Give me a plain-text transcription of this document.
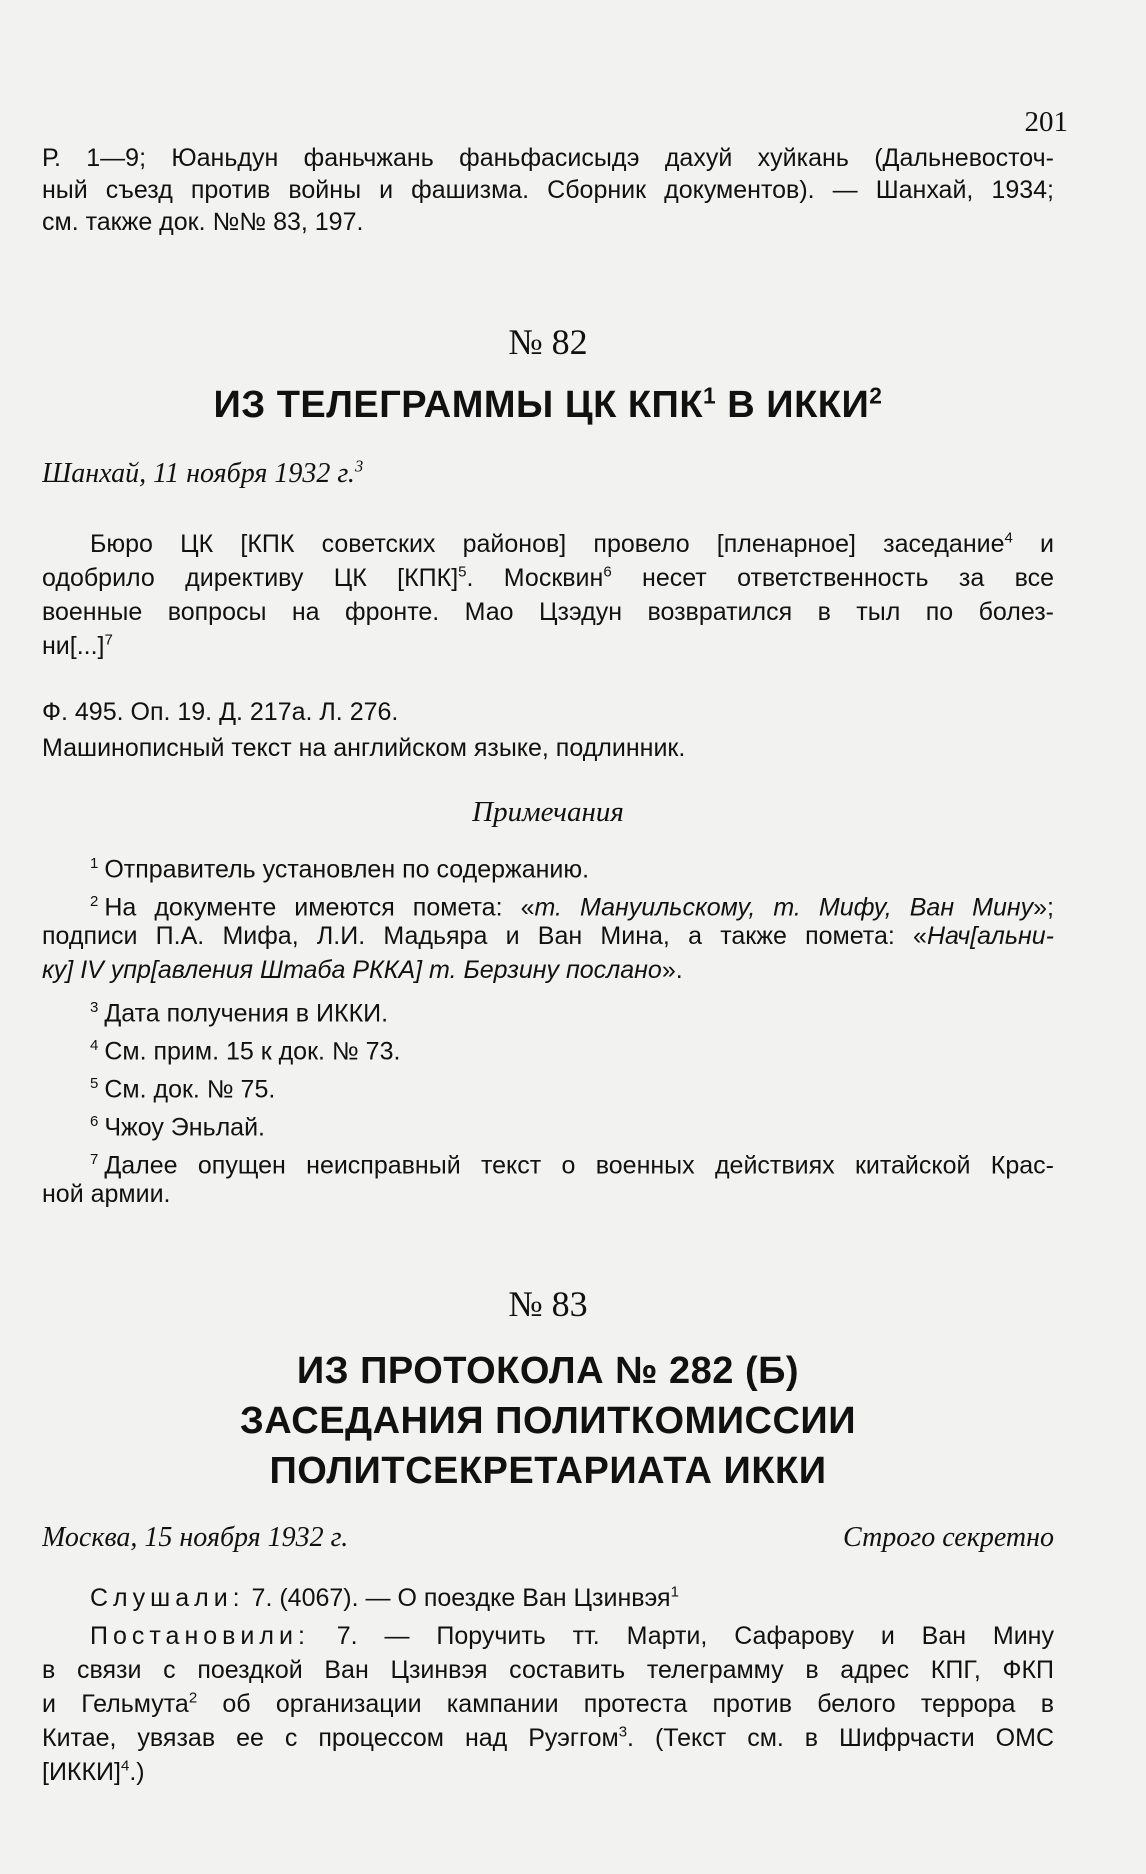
201
Р. 1—9; Юаньдун фаньчжань фаньфасисыдэ дахуй хуйкань (Дальневосточ-
ный съезд против войны и фашизма. Сборник документов). — Шанхай, 1934;
см. также док. №№ 83, 197.
№ 82
ИЗ ТЕЛЕГРАММЫ ЦК КПК$^1$ В ИККИ$^2$
Шанхай, 11 ноября 1932 г.$^3$
Бюро ЦК [КПК советских районов] провело [пленарное] заседание$^4$ и
одобрило директиву ЦК [КПК]$^5$. Москвин$^6$ несет ответственность за все
военные вопросы на фронте. Мао Цзэдун возвратился в тыл по болез-
ни[...]$^7$
Ф. 495. Оп. 19. Д. 217а. Л. 276.
Машинописный текст на английском языке, подлинник.
Примечания
$^1$ Отправитель установлен по содержанию.
$^2$ На документе имеются помета: «т. Мануильскому, т. Мифу, Ван Мину»;
подписи П.А. Мифа, Л.И. Мадьяра и Ван Мина, а также помета: «Нач[альни-
ку] IV упр[авления Штаба РККА] т. Берзину послано».
$^3$ Дата получения в ИККИ.
$^4$ См. прим. 15 к док. № 73.
$^5$ См. док. № 75.
$^6$ Чжоу Эньлай.
$^7$ Далее опущен неисправный текст о военных действиях китайской Крас-
ной армии.
№ 83
ИЗ ПРОТОКОЛА № 282 (Б)
ЗАСЕДАНИЯ ПОЛИТКОМИССИИ
ПОЛИТСЕКРЕТАРИАТА ИККИ
Москва, 15 ноября 1932 г.	Строго секретно
Слушали: 7. (4067). — О поездке Ван Цзинвэя$^1$
Постановили: 7. — Поручить тт. Марти, Сафарову и Ван Мину
в связи с поездкой Ван Цзинвэя составить телеграмму в адрес КПГ, ФКП
и Гельмута$^2$ об организации кампании протеста против белого террора в
Китае, увязав ее с процессом над Руэггом$^3$. (Текст см. в Шифрчасти ОМС
[ИККИ]$^4$.)
